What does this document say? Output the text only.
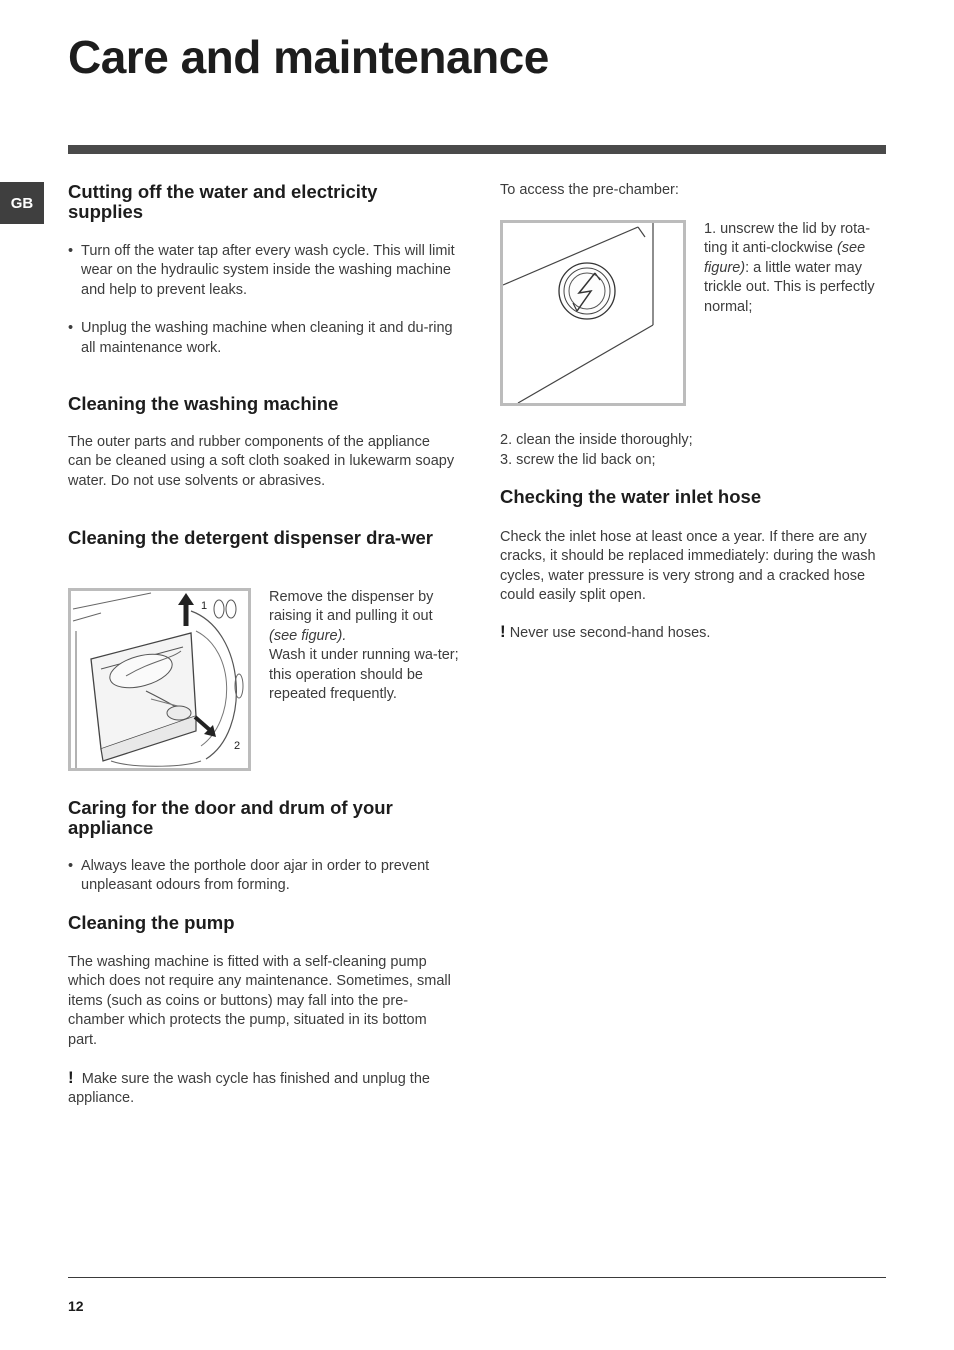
Care and maintenance
GB
Cutting off the water and electricity supplies
• Turn off the water tap after every wash cycle. This will limit wear on the hydraulic system inside the washing machine and help to prevent leaks.
• Unplug the washing machine when cleaning it and du-ring all maintenance work.
Cleaning the washing machine

The outer parts and rubber components of the appliance can be cleaned using a soft cloth soaked in lukewarm soapy water. Do not use solvents or abrasives.

Cleaning the detergent dispenser dra-wer
1
2

Remove the dispenser by raising it and pulling it out (see figure).
Wash it under running wa-ter; this operation should be repeated frequently.

Caring for the door and drum of your appliance
• Always leave the porthole door ajar in order to prevent unpleasant odours from forming.
Cleaning the pump

The washing machine is fitted with a self-cleaning pump which does not require any maintenance. Sometimes, small items (such as coins or buttons) may fall into the pre-chamber which protects the pump, situated in its bottom part.

! Make sure the wash cycle has finished and unplug the appliance.

To access the pre-chamber:

1. unscrew the lid by rota-ting it anti-clockwise (see figure): a little water may trickle out. This is perfectly normal;

2. clean the inside thoroughly;

3. screw the lid back on;

Checking the water inlet hose

Check the inlet hose at least once a year. If there are any cracks, it should be replaced immediately: during the wash cycles, water pressure is very strong and a cracked hose could easily split open.

! Never use second-hand hoses.

12
